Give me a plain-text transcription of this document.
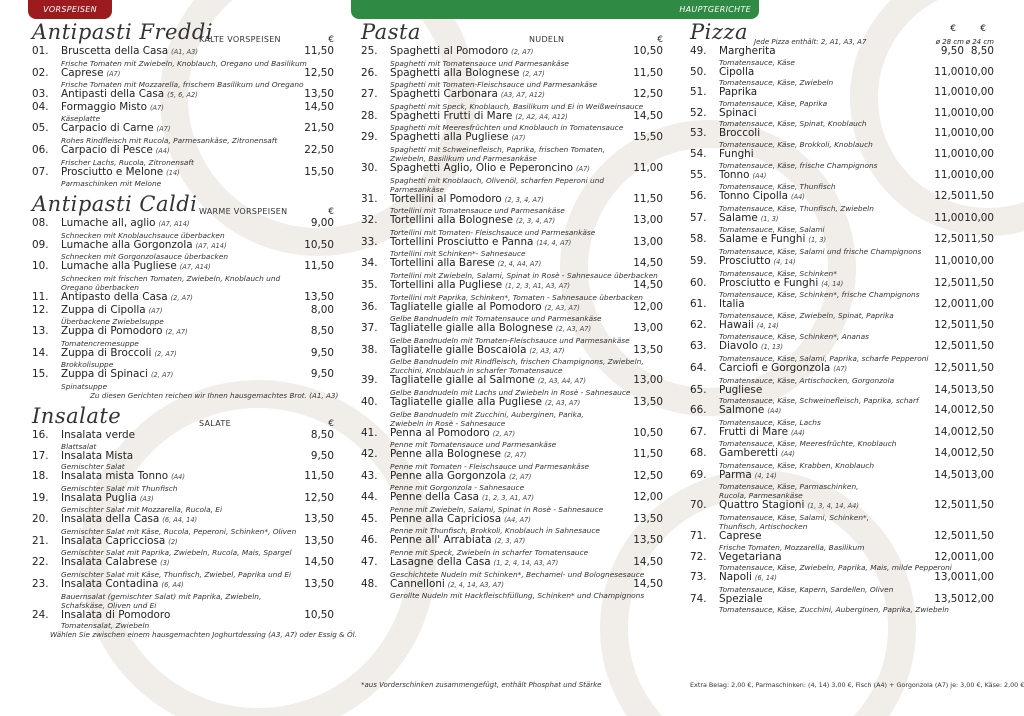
VORSPEISEN	HAUPTGERICHTE
Antipasti Freddi
KALTE VORSPEISEN	€
01.	Bruscetta della Casa (A1, A3)	11,50
Frische Tomaten mit Zwiebeln, Knoblauch, Oregano und Basilikum
02.	Caprese (A7)	12,50
Frische Tomaten mit Mozzarella, frischem Basilikum und Oregano
03.	Antipasti della Casa (5, 6, A2)	13,50
04.	Formaggio Misto (A7)	14,50
Käseplatte
05.	Carpacio di Carne (A7)	21,50
Rohes Rindfleisch mit Rucola, Parmesankäse, Zitronensaft
06.	Carpacio di Pesce (A4)	22,50
Frischer Lachs, Rucola, Zitronensaft
07.	Prosciutto e Melone (14)	15,50
Parmaschinken mit Melone
Antipasti Caldi WARME VORSPEISEN	€
08.	Lumache all, aglio (A7, A14)	9,00
Schnecken mit Knoblauchsauce überbacken
09.	Lumache alla Gorgonzola (A7, A14)	10,50
Schnecken mit Gorgonzolasauce überbacken
10.	Lumache alla Pugliese (A7, A14)	11,50
Schnecken mit frischen Tomaten, Zwiebeln, Knoblauch und
Oregano überbacken
11.	Antipasto della Casa (2, A7)	13,50
12.	Zuppa di Cipolla (A7)	8,00
Überbackene Zwiebelsuppe
13.	Zuppa di Pomodoro (2, A7)	8,50
Tomatencremesuppe
14.	Zuppa di Broccoli (2, A7)	9,50
Brokkolisuppe
15.	Zuppa di Spinaci (2, A7)	9,50
Spinatsuppe
Zu diesen Gerichten reichen wir Ihnen hausgemachtes Brot. (A1, A3)
Insalate	SALATE	€
16.	Insalata verde	8,50
Blattsalat
17.	Insalata Mista	9,50
Gemischter Salat
18.	Insalata mista Tonno (A4)	11,50
Gemischter Salat mit Thunfisch
19.	Insalata Puglia (A3)	12,50
Gemischter Salat mit Mozzarella, Rucola, Ei
20.	Insalata della Casa (6, A4, 14)	13,50
Gemischter Salat mit Käse, Rucola, Peperoni, Schinken*, Oliven
21.	Insalata Capricciosa (2)	13,50
Gemischter Salat mit Paprika, Zwiebeln, Rucola, Mais, Spargel
22.	Insalata Calabrese (3)	14,50
Gemischter Salat mit Käse, Thunfisch, Zwiebel, Paprika und Ei
23.	Insalata Contadina (6, A4)	13,50
Bauernsalat (gemischter Salat) mit Paprika, Zwiebeln,
Schafskäse, Oliven und Ei
24.	Insalata di Pomodoro	10,50
Tomatensalat, Zwiebeln
Wählen Sie zwischen einem hausgemachten Joghurtdessing (A3, A7) oder Essig & Öl.
Pasta	NUDELN	€
25.	Spaghetti al Pomodoro (2, A7)	10,50
Spaghetti mit Tomatensauce und Parmesankäse
26.	Spaghetti alla Bolognese (2, A7)	11,50
Spaghetti mit Tomaten-Fleischsauce und Parmesankäse
27.	Spaghetti Carbonara (A3, A7, A12)	12,50
Spaghetti mit Speck, Knoblauch, Basilikum und Ei in Weißweinsauce
28.	Spaghetti Frutti di Mare (2, A2, A4, A12)	14,50
Spaghetti mit Meeresfrüchten und Knoblauch in Tomatensauce
29.	Spaghetti alla Pugliese (A7)	15,50
Spaghetti mit Schweinefleisch, Paprika, frischen Tomaten,
Zwiebeln, Basilikum und Parmesankäse
30.	Spaghetti Aglio, Olio e Peperoncino (A7)	11,00
Spaghetti mit Knoblauch, Olivenöl, scharfen Peperoni und
Parmesankäse
31.	Tortellini al Pomodoro (2, 3, 4, A7)	11,50
Tortellini mit Tomatensauce und Parmesankäse
32.	Tortellini alla Bolognese (2, 3, 4, A7)	13,00
Tortellini mit Tomaten- Fleischsauce und Parmesankäse
33.	Tortellini Prosciutto e Panna (14, 4, A7)	13,00
Tortellini mit Schinken*- Sahnesauce
34.	Tortellini alla Barese (2, 4, A4, A7)	14,50
Tortellini mit Zwiebeln, Salami, Spinat in Rosè - Sahnesauce überbacken
35.	Tortellini alla Pugliese (1, 2, 3, A1, A3, A7)	14,50
Tortellini mit Paprika, Schinken*, Tomaten - Sahnesauce überbacken
36.	Tagliatelle gialle al Pomodoro (2, A3, A7)	12,00
Gelbe Bandnudeln mit Tomatensauce und Parmesankäse
37.	Tagliatelle gialle alla Bolognese (2, A3, A7)	13,00
Gelbe Bandnudeln mit Tomaten-Fleischsauce und Parmesankäse
38.	Tagliatelle gialle Boscaiola (2, A3, A7)	13,50
Gelbe Bandnudeln mit Rindfleisch, frischen Champignons, Zwiebeln,
Zucchini, Knoblauch in scharfer Tomatensauce
39.	Tagliatelle gialle al Salmone (2, A3, A4, A7)	13,00
Gelbe Bandnudeln mit Lachs und Zwiebeln in Rosè - Sahnesauce
40.	Tagliatelle gialle alla Pugliese (2, A3, A7)	13,50
Gelbe Bandnudeln mit Zucchini, Auberginen, Parika,
Zwiebeln in Rosè - Sahnesauce
41.	Penna al Pomodoro (2, A7)	10,50
Penne mit Tomatensauce und Parmesankäse
42.	Penne alla Bolognese (2, A7)	11,50
Penne mit Tomaten - Fleischsauce und Parmesankäse
43.	Penne alla Gorgonzola (2, A7)	12,50
Penne mit Gorgonzola - Sahnesauce
44.	Penne della Casa (1, 2, 3, A1, A7)	12,00
Penne mit Zwiebeln, Salami, Spinat in Rosè - Sahnesauce
45.	Penne alla Capriciosa (A4, A7)	13,50
Penne mit Thunfisch, Brokkoli, Knoblauch in Sahnesauce
46.	Penne all' Arrabiata (2, 3, A7)	13,50
Penne mit Speck, Zwiebeln in scharfer Tomatensauce
47.	Lasagne della Casa (1, 2, 4, 14, A3, A7)	14,50
Geschichtete Nudeln mit Schinken*, Bechamel- und Bolognesesauce
48.	Cannelloni (2, 4, 14, A3, A7)	14,50
Gerollte Nudeln mit Hackfleischfüllung, Schinken* und Champignons
*aus Vorderschinken zusammengefügt, enthält Phosphat und Stärke
Pizza Jede Pizza enthält: 2, A1, A3, A7
€	€
ø 28 cm ø 24 cm
49.	Margherita	9,50 8,50
Tomatensauce, Käse
50.	Cipolla	11,00 10,00
Tomatensauce, Käse, Zwiebeln
51.	Paprika	11,00 10,00
Tomatensauce, Käse, Paprika
52.	Spinaci	11,00 10,00
Tomatensauce, Käse, Spinat, Knoblauch
53.	Broccoli	11,00 10,00
Tomatensauce, Käse, Brokkoli, Knoblauch
54.	Funghi	11,00 10,00
Tomatensauce, Käse, frische Champignons
55.	Tonno (A4)	11,00 10,00
Tomatensauce, Käse, Thunfisch
56.	Tonno Cipolla (A4)	12,50 11,50
Tomatensauce, Käse, Thunfisch, Zwiebeln
57.	Salame (1, 3)	11,00 10,00
Tomatensauce, Käse, Salami
58.	Salame e Funghi (1, 3)	12,50 11,50
Tomatensauce, Käse, Salami und frische Champignons
59.	Prosciutto (4, 14)	11,00 10,00
Tomatensauce, Käse, Schinken*
60.	Prosciutto e Funghi (4, 14)	12,50 11,50
Tomatensauce, Käse, Schinken*, frische Champignons
61.	Italia	12,00 11,00
Tomatensauce, Käse, Zwiebeln, Spinat, Paprika
62.	Hawaii (4, 14)	12,50 11,50
Tomatensauce, Käse, Schinken*, Ananas
63.	Diavolo (1, 13)	12,50 11,50
Tomatensauce, Käse, Salami, Paprika, scharfe Pepperoni
64.	Carciofi e Gorgonzola (A7)	12,50 11,50
Tomatensauce, Käse, Artischocken, Gorgonzola
65.	Pugliese	14,50 13,50
Tomatensauce, Käse, Schweinefleisch, Paprika, scharf
66.	Salmone (A4)	14,00 12,50
Tomatensauce, Käse, Lachs
67.	Frutti di Mare (A4)	14,00 12,50
Tomatensauce, Käse, Meeresfrüchte, Knoblauch
68.	Gamberetti (A4)	14,00 12,50
Tomatensauce, Käse, Krabben, Knoblauch
69.	Parma (4, 14)	14,50 13,00
Tomatensauce, Käse, Parmaschinken,
Rucola, Parmesankäse
70.	Quattro Stagioni (1, 3, 4, 14, A4)	12,50 11,50
Tomatensauce, Käse, Salami, Schinken*,
Thunfisch, Artischocken
71.	Caprese	12,50 11,50
Frische Tomaten, Mozzarella, Basilikum
72.	Vegetariana	12,00 11,00
Tomatensauce, Käse, Zwiebeln, Paprika, Mais, milde Pepperoni
73.	Napoli (6, 14)	13,00 11,00
Tomatensauce, Käse, Kapern, Sardellen, Oliven
74.	Speziale	13,50 12,00
Tomatensauce, Käse, Zucchini, Auberginen, Paprika, Zwiebeln
Extra Belag: 2,00 €, Parmaschinken: (4, 14) 3,00 €, Fisch (A4) + Gorgonzola (A7) je: 3,00 €, Käse: 2,00 €
